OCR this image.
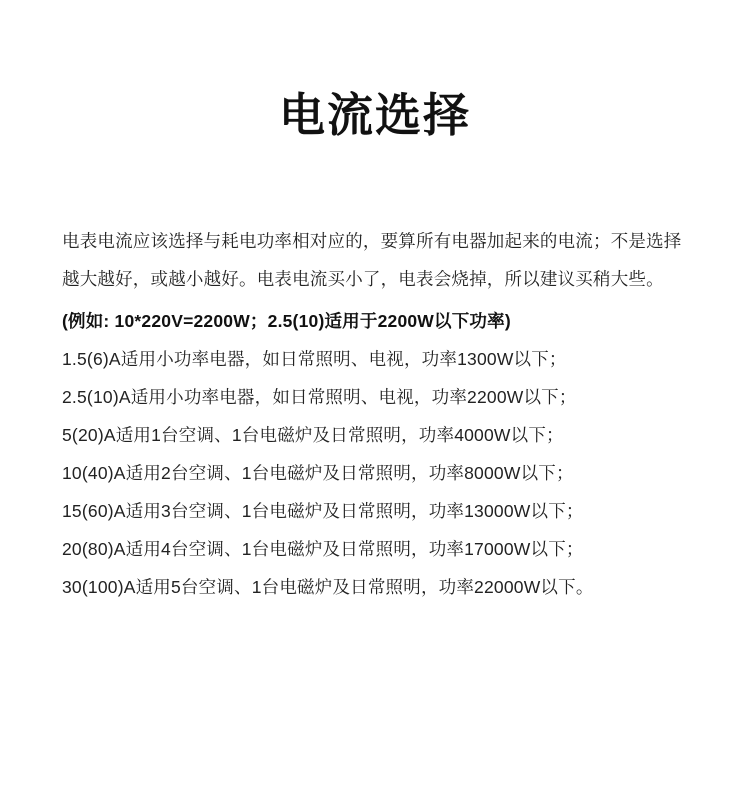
电流选择

电表电流应该选择与耗电功率相对应的，要算所有电器加起来的电流；不是选择越大越好，或越小越好。电表电流买小了，电表会烧掉，所以建议买稍大些。

(例如: 10*220V=2200W；2.5(10)适用于2200W以下功率)

1.5(6)A适用小功率电器，如日常照明、电视，功率1300W以下；
2.5(10)A适用小功率电器，如日常照明、电视，功率2200W以下；
5(20)A适用1台空调、1台电磁炉及日常照明，功率4000W以下；
10(40)A适用2台空调、1台电磁炉及日常照明，功率8000W以下；
15(60)A适用3台空调、1台电磁炉及日常照明，功率13000W以下；
20(80)A适用4台空调、1台电磁炉及日常照明，功率17000W以下；
30(100)A适用5台空调、1台电磁炉及日常照明，功率22000W以下。
